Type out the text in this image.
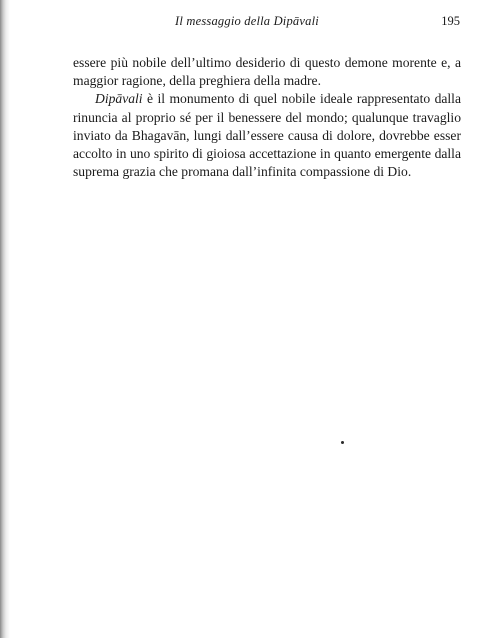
Il messaggio della Dipāvali	195

essere più nobile dell’ultimo desiderio di questo demone morente e, a maggior ragione, della preghiera della madre.

Dipāvali è il monumento di quel nobile ideale rappresentato dalla rinuncia al proprio sé per il benessere del mondo; qualunque travaglio inviato da Bhagavān, lungi dall’essere causa di dolore, dovrebbe esser accolto in uno spirito di gioiosa accettazione in quanto emergente dalla suprema grazia che promana dall’infinita compassione di Dio.
